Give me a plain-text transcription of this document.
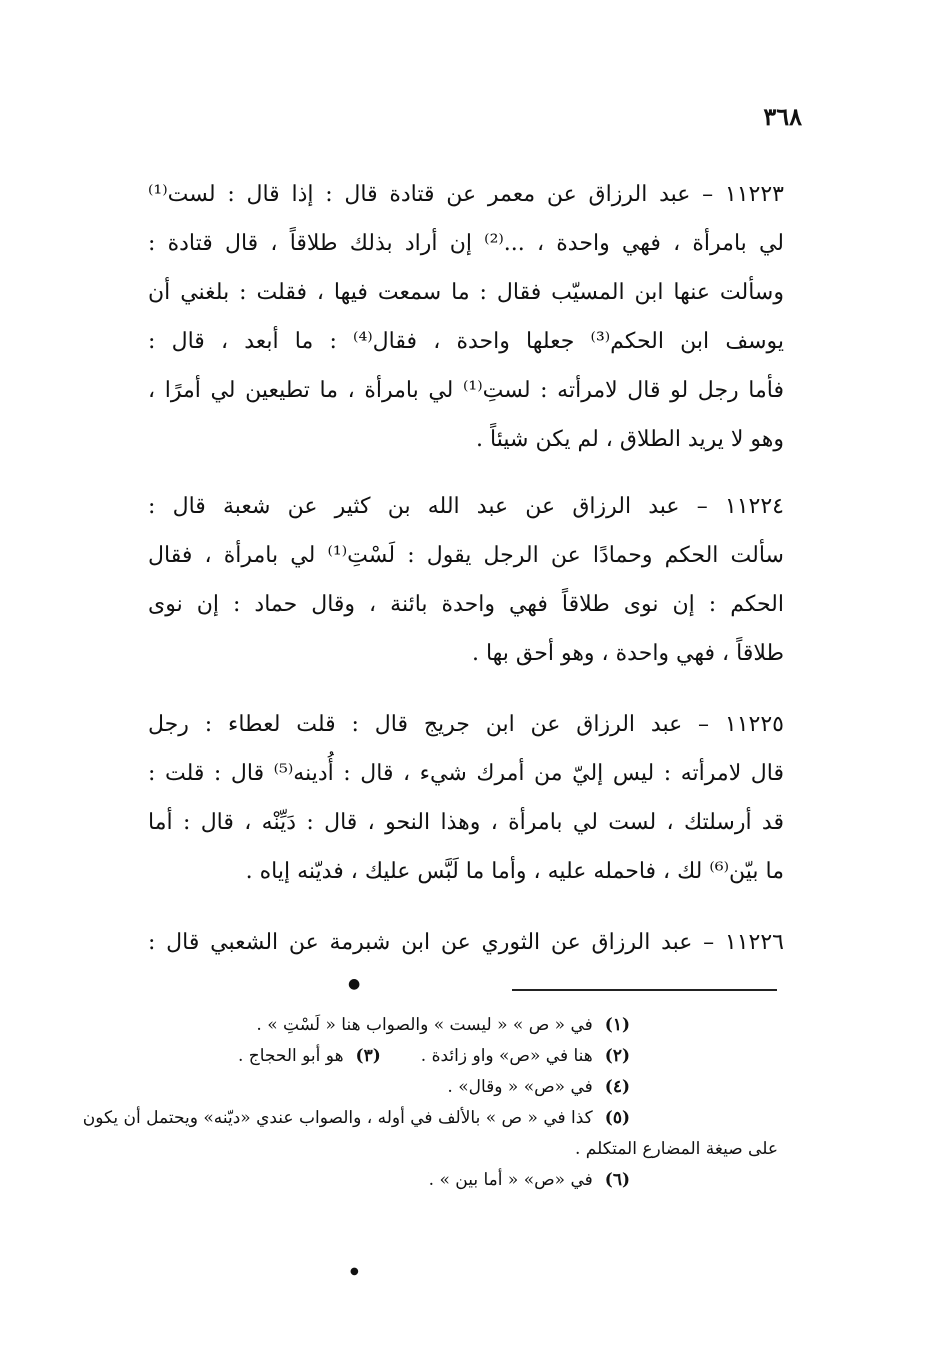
٣٦٨
١١٢٢٣ – عبد الرزاق عن معمر عن قتادة قال : إذا قال : لست⁽¹⁾
لي بامرأة ، فهي واحدة ، ...⁽²⁾ إن أراد بذلك طلاقاً ، قال قتادة :
وسألت عنها ابن المسيّب فقال : ما سمعت فيها ، فقلت : بلغني أن
يوسف ابن الحكم⁽³⁾ جعلها واحدة ، فقال⁽⁴⁾ : ما أبعد ، قال :
فأما رجل لو قال لامرأته : لستِ⁽¹⁾ لي بامرأة ، ما تطيعين لي أمرًا ،
وهو لا يريد الطلاق ، لم يكن شيئاً .
١١٢٢٤ – عبد الرزاق عن عبد الله بن كثير عن شعبة قال :
سألت الحكم وحمادًا عن الرجل يقول : لَسْتِ⁽¹⁾ لي بامرأة ، فقال
الحكم : إن نوى طلاقاً فهي واحدة بائنة ، وقال حماد : إن نوى
طلاقاً ، فهي واحدة ، وهو أحق بها .
١١٢٢٥ – عبد الرزاق عن ابن جريج قال : قلت لعطاء : رجل
قال لامرأته : ليس إليّ من أمرك شيء ، قال : أُدينه⁽⁵⁾ قال : قلت :
قد أرسلتك ، لست لي بامرأة ، وهذا النحو ، قال : دَيِّنْه ، قال : أما
ما بيّن⁽⁶⁾ لك ، فاحمله عليه ، وأما ما لَبَّس عليك ، فديّنه إياه .
١١٢٢٦ – عبد الرزاق عن الثوري عن ابن شبرمة عن الشعبي قال :
●
(١)في « ص » « ليست » والصواب هنا « لَسْتِ » .
(٢)هنا في «ص» واو زائدة .(٣)هو أبو الحجاج .
(٤)في «ص» « وقال» .
(٥)كذا في « ص » بالألف في أوله ، والصواب عندي «ديّنه» ويحتمل أن يكون
على صيغة المضارع المتكلم .
(٦)في «ص» « أما بين » .
●
